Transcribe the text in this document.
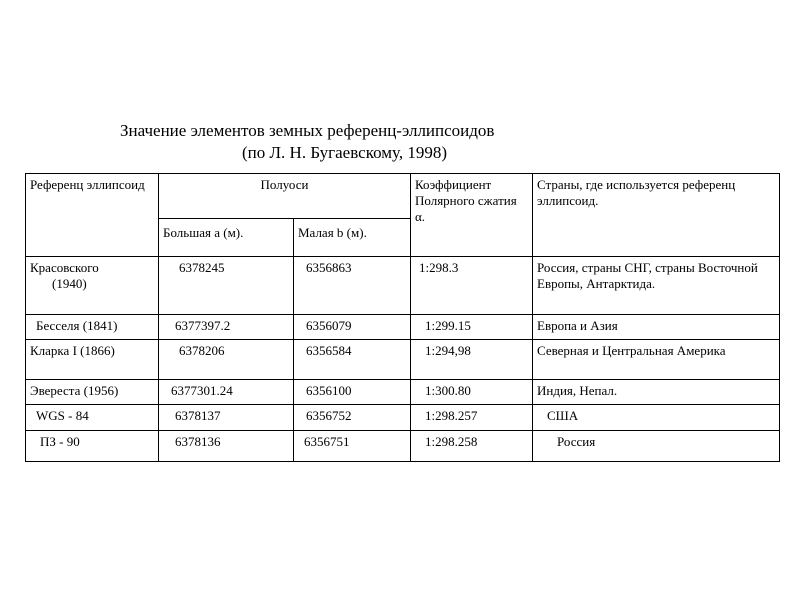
Значение элементов земных референц-эллипсоидов
(по Л. Н. Бугаевскому, 1998)
Референц эллипсоид	Полуоси		Коэффициент Полярного сжатия α.	Страны, где используется референц эллипсоид.
	Большая a (м).	Малая b (м).		

Красовского
(1940)	6378245	6356863	1:298.3	Россия, страны СНГ, страны Восточной Европы, Антарктида.
Бесселя (1841)	6377397.2	6356079	1:299.15	Европа и Азия
Кларка I (1866)	6378206	6356584	1:294,98	Северная и Центральная Америка
Эвереста (1956)	6377301.24	6356100	1:300.80	Индия, Непал.
WGS - 84	6378137	6356752	1:298.257	США
ПЗ - 90	6378136	6356751	1:298.258	Россия
